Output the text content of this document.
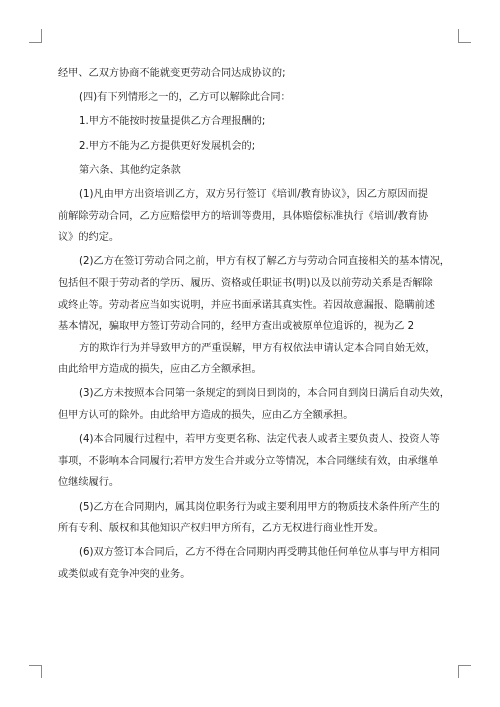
经甲、乙双方协商不能就变更劳动合同达成协议的;

(四)有下列情形之一的，乙方可以解除此合同：

1.甲方不能按时按量提供乙方合理报酬的;

2.甲方不能为乙方提供更好发展机会的;

第六条、其他约定条款

(1)凡由甲方出资培训乙方，双方另行签订《培训/教育协议》，因乙方原因而提

前解除劳动合同，乙方应赔偿甲方的培训等费用，具体赔偿标准执行《培训/教育协

议》的约定。

(2)乙方在签订劳动合同之前，甲方有权了解乙方与劳动合同直接相关的基本情况，

包括但不限于劳动者的学历、履历、资格或任职证书(明)以及以前劳动关系是否解除

或终止等。劳动者应当如实说明，并应书面承诺其真实性。若因故意漏报、隐瞒前述

基本情况，骗取甲方签订劳动合同的，经甲方查出或被原单位追诉的，视为乙 2

方的欺诈行为并导致甲方的严重误解，甲方有权依法申请认定本合同自始无效，

由此给甲方造成的损失，应由乙方全额承担。

(3)乙方未按照本合同第一条规定的到岗日到岗的，本合同自到岗日满后自动失效，

但甲方认可的除外。由此给甲方造成的损失，应由乙方全额承担。

(4)本合同履行过程中，若甲方变更名称、法定代表人或者主要负责人、投资人等

事项，不影响本合同履行;若甲方发生合并或分立等情况，本合同继续有效，由承继单

位继续履行。

(5)乙方在合同期内，属其岗位职务行为或主要利用甲方的物质技术条件所产生的

所有专利、版权和其他知识产权归甲方所有，乙方无权进行商业性开发。

(6)双方签订本合同后，乙方不得在合同期内再受聘其他任何单位从事与甲方相同

或类似或有竞争冲突的业务。
